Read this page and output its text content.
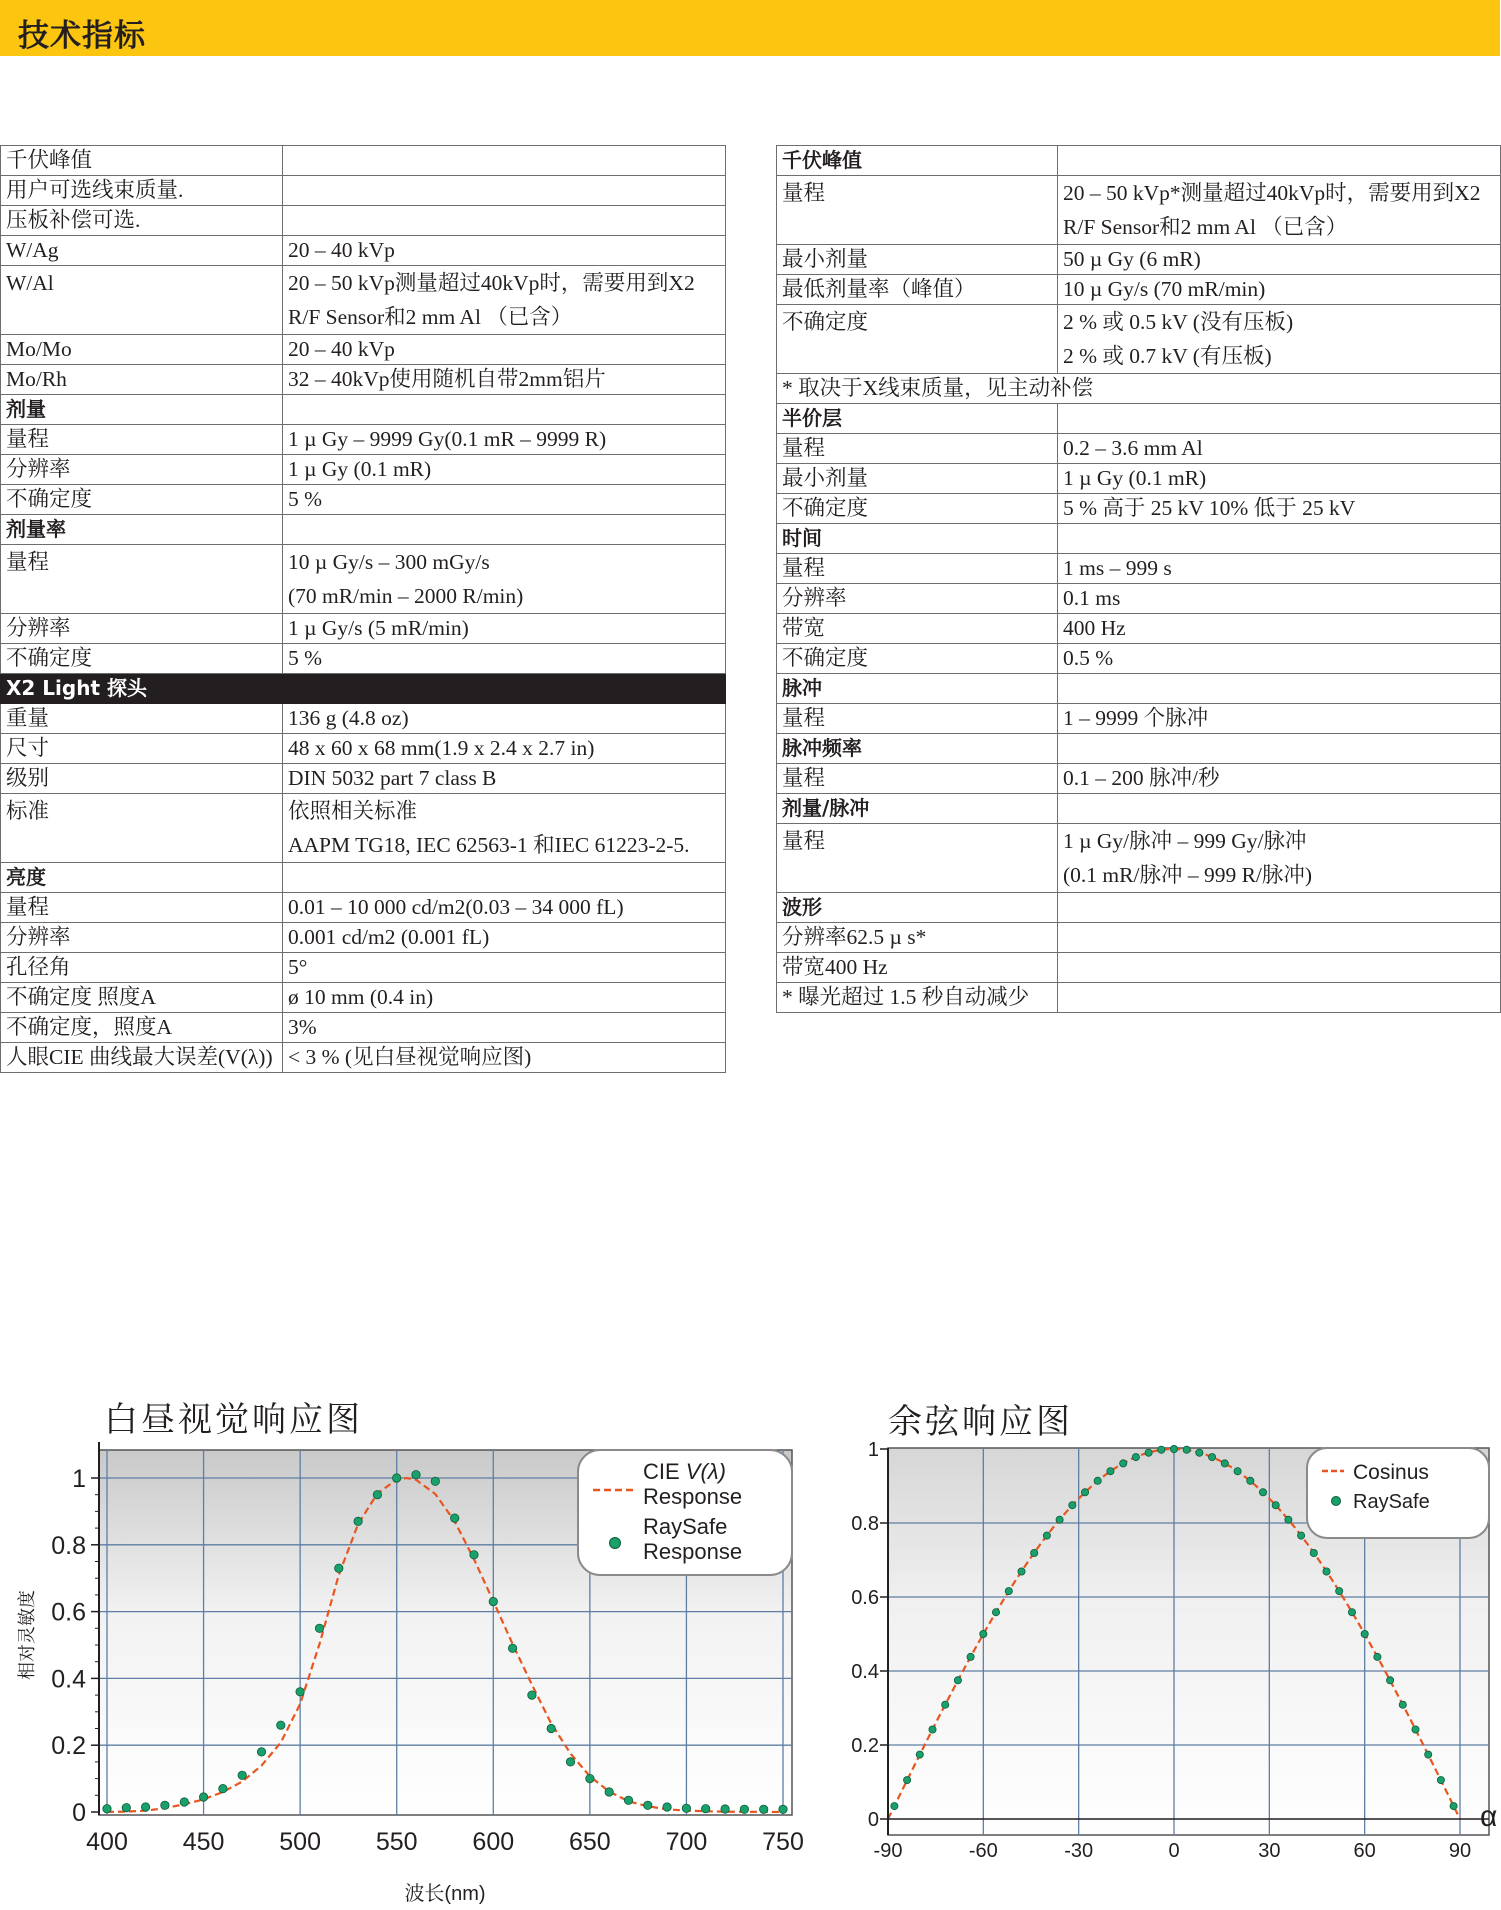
技术指标
千伏峰值	
用户可选线束质量.	
压板补偿可选.	
W/Ag	20 – 40 kVp

W/Al	20 – 50 kVp测量超过40kVp时，需要用到X2
R/F Sensor和2 mm Al （已含）

Mo/Mo	20 – 40 kVp

Mo/Rh	32 – 40kVp使用随机自带2mm铝片

剂量	
量程	1 µ Gy – 9999 Gy(0.1 mR – 9999 R)

分辨率	1 µ Gy (0.1 mR)

不确定度	5 %

剂量率	
量程	10 µ Gy/s – 300 mGy/s
(70 mR/min – 2000 R/min)

分辨率	1 µ Gy/s (5 mR/min)

不确定度	5 %

X2 Light 探头	
重量	136 g (4.8 oz)

尺寸	48 x 60 x 68 mm(1.9 x 2.4 x 2.7 in)

级别	DIN 5032 part 7 class B

标准	依照相关标准
AAPM TG18, IEC 62563-1 和IEC 61223-2-5.

亮度	
量程	0.01 – 10 000 cd/m2(0.03 – 34 000 fL)

分辨率	0.001 cd/m2 (0.001 fL)

孔径角	5°

不确定度 照度A	ø 10 mm (0.4 in)

不确定度，照度A	3%

人眼CIE 曲线最大误差(V(λ))	< 3 % (见白昼视觉响应图)
千伏峰值	
量程	20 – 50 kVp*测量超过40kVp时，需要用到X2
R/F Sensor和2 mm Al （已含）

最小剂量	50 µ Gy (6 mR)

最低剂量率（峰值）	10 µ Gy/s (70 mR/min)

不确定度	2 % 或 0.5 kV (没有压板)
2 % 或 0.7 kV (有压板)

* 取决于X线束质量，见主动补偿	
半价层	
量程	0.2 – 3.6 mm Al

最小剂量	1 µ Gy (0.1 mR)

不确定度	5 % 高于 25 kV 10% 低于 25 kV

时间	
量程	1 ms – 999 s

分辨率	0.1 ms

带宽	400 Hz

不确定度	0.5 %

脉冲	
量程	1 – 9999 个脉冲

脉冲频率	
量程	0.1 – 200 脉冲/秒

剂量/脉冲	
量程	1 µ Gy/脉冲 – 999 Gy/脉冲
(0.1 mR/脉冲 – 999 R/脉冲)

波形	
分辨率62.5 µ s*	
带宽400 Hz	
* 曝光超过 1.5 秒自动减少	
白昼视觉响应图
CIE V(λ)
Response
RaySafe
Response
400 450 500 550 600 650 700 750
0
0.2
0.4
0.6
0.8
1
波长(nm)
相对灵敏度
余弦响应图
Cosinus
RaySafe
-90	-60	-30	0	30	60	90
0
0.2
0.4
0.6
0.8
1
α
